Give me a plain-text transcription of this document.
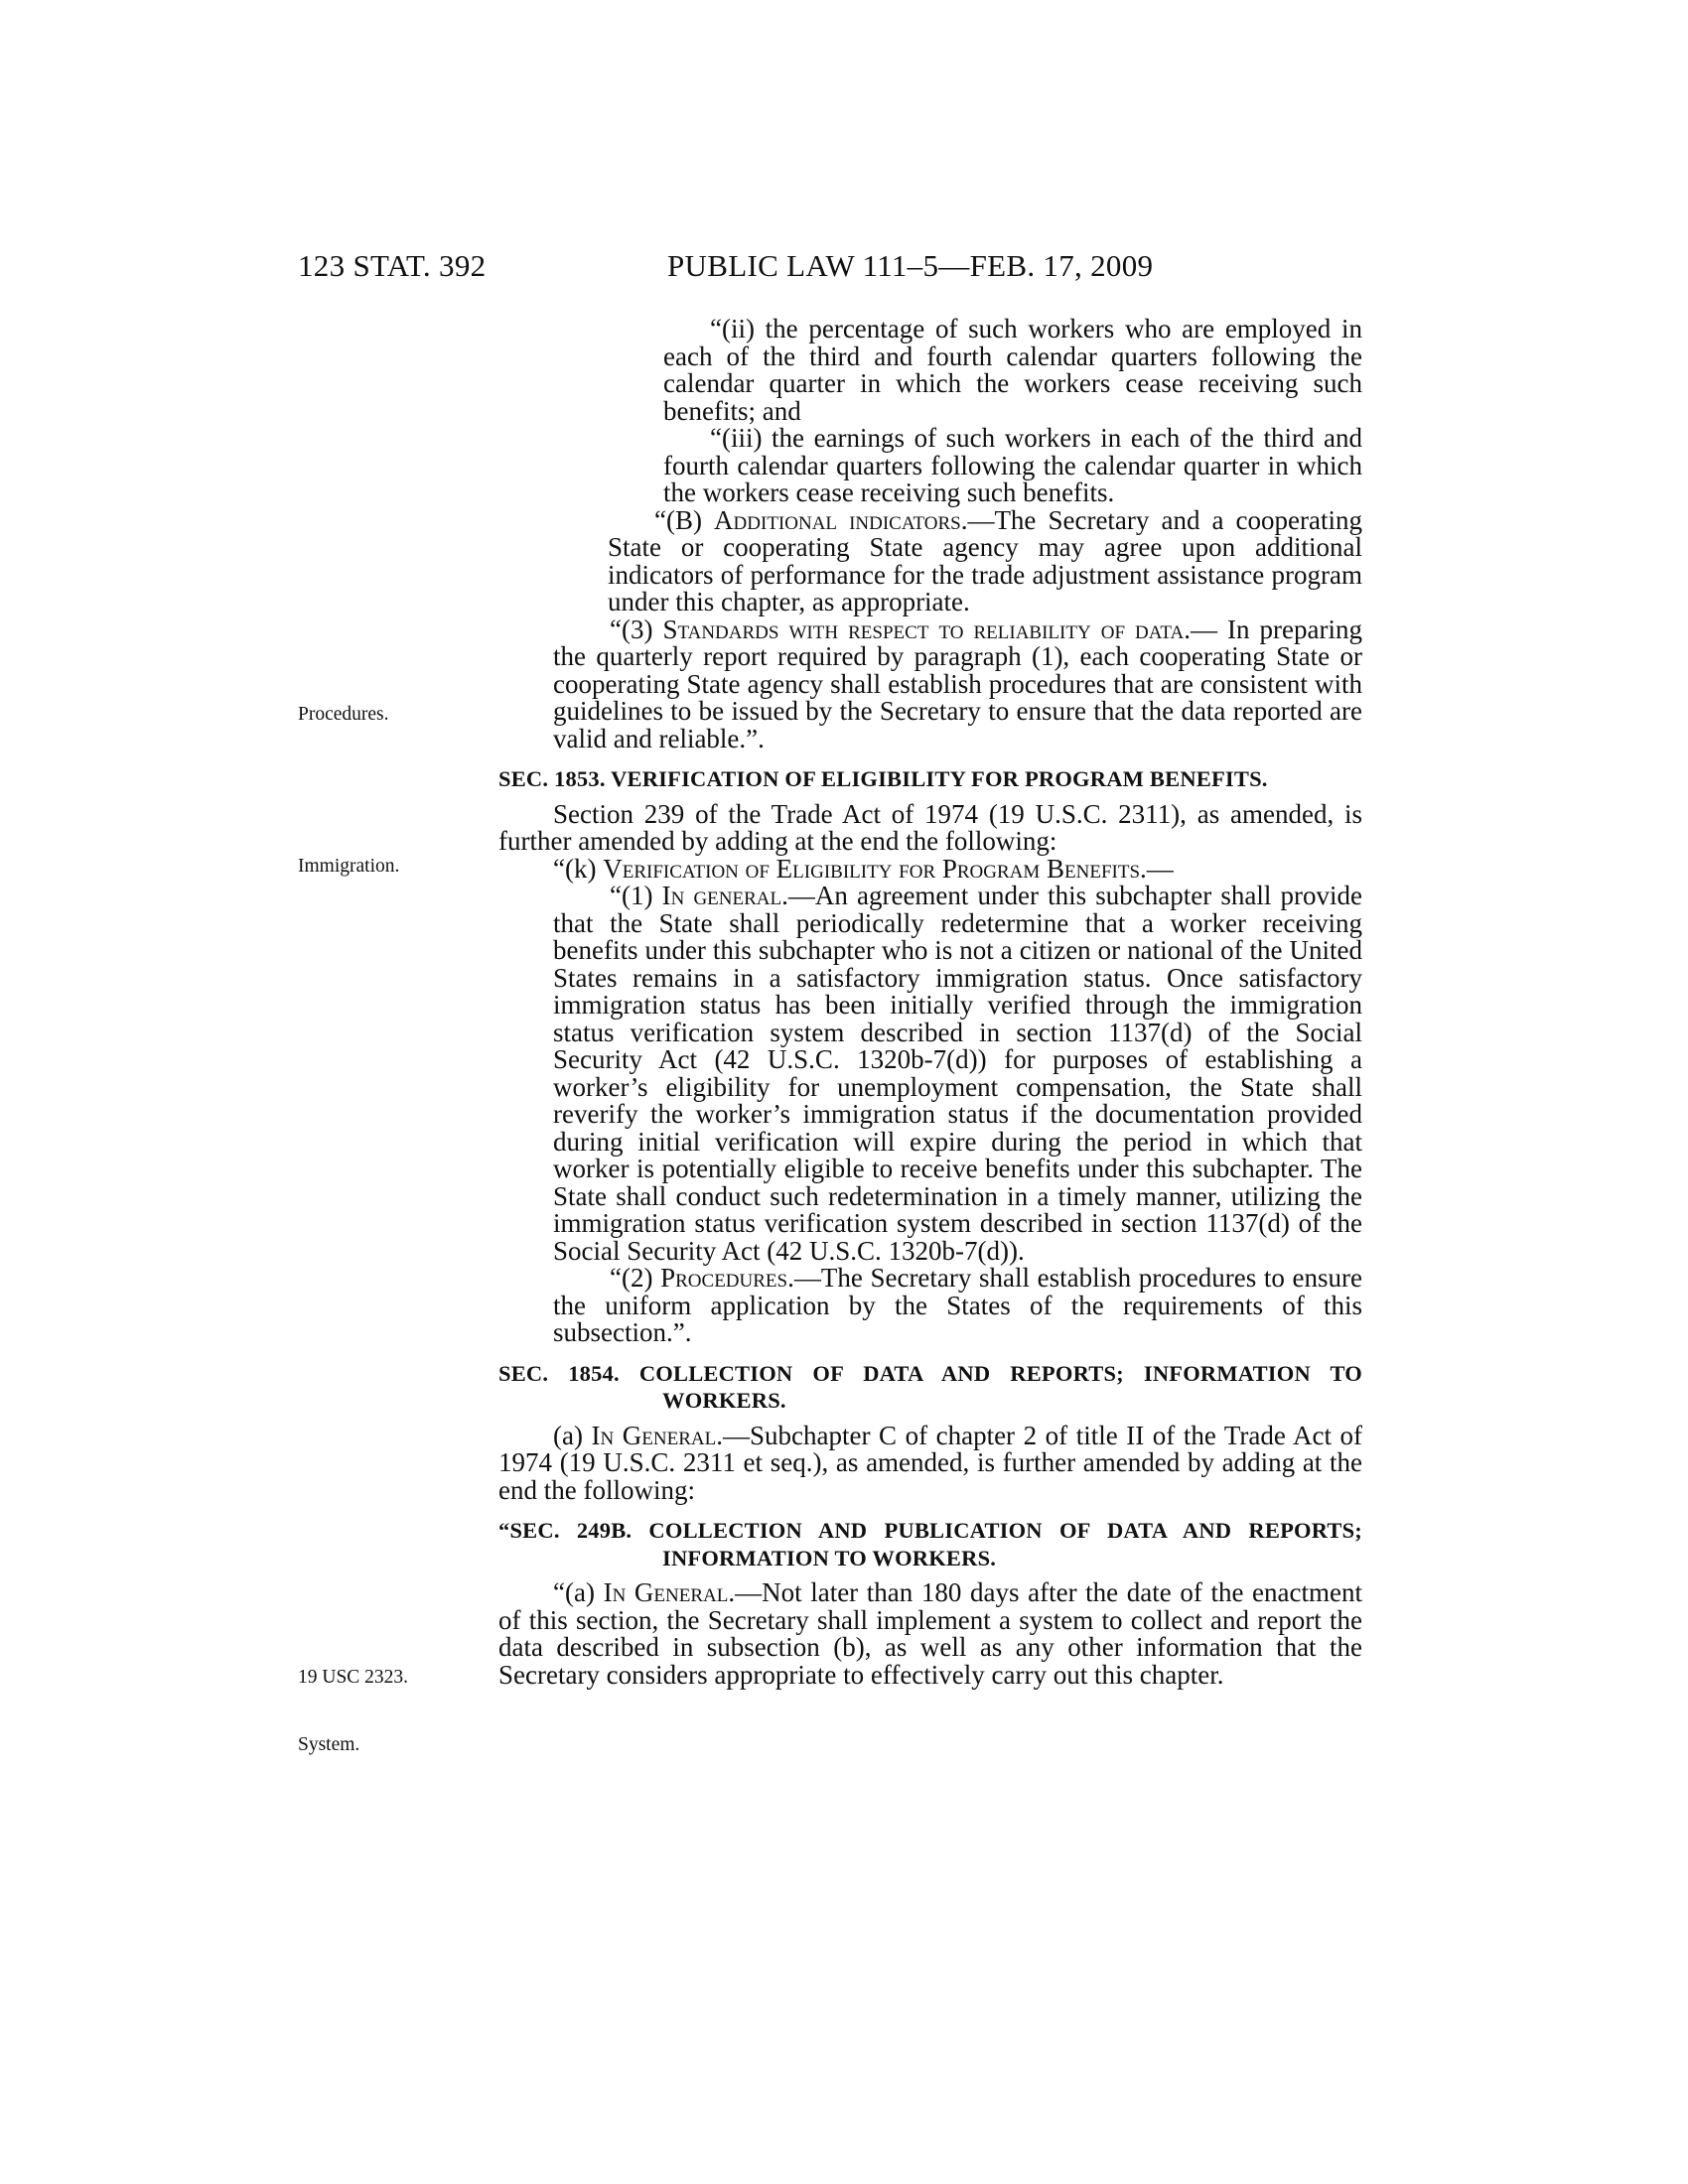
123 STAT. 392	PUBLIC LAW 111–5—FEB. 17, 2009
Procedures.
Immigration.
19 USC 2323.
System.

“(ii) the percentage of such workers who are employed in each of the third and fourth calendar quarters following the calendar quarter in which the workers cease receiving such benefits; and

“(iii) the earnings of such workers in each of the third and fourth calendar quarters following the calendar quarter in which the workers cease receiving such benefits.

“(B) Additional indicators.—The Secretary and a cooperating State or cooperating State agency may agree upon additional indicators of performance for the trade adjustment assistance program under this chapter, as appropriate.

“(3) Standards with respect to reliability of data.— In preparing the quarterly report required by paragraph (1), each cooperating State or cooperating State agency shall establish procedures that are consistent with guidelines to be issued by the Secretary to ensure that the data reported are valid and reliable.”.

SEC. 1853. VERIFICATION OF ELIGIBILITY FOR PROGRAM BENEFITS.

Section 239 of the Trade Act of 1974 (19 U.S.C. 2311), as amended, is further amended by adding at the end the following:

“(k) Verification of Eligibility for Program Benefits.—

“(1) In general.—An agreement under this subchapter shall provide that the State shall periodically redetermine that a worker receiving benefits under this subchapter who is not a citizen or national of the United States remains in a satisfactory immigration status. Once satisfactory immigration status has been initially verified through the immigration status verification system described in section 1137(d) of the Social Security Act (42 U.S.C. 1320b-7(d)) for purposes of establishing a worker’s eligibility for unemployment compensation, the State shall reverify the worker’s immigration status if the documentation provided during initial verification will expire during the period in which that worker is potentially eligible to receive benefits under this subchapter. The State shall conduct such redetermination in a timely manner, utilizing the immigration status verification system described in section 1137(d) of the Social Security Act (42 U.S.C. 1320b-7(d)).

“(2) Procedures.—The Secretary shall establish procedures to ensure the uniform application by the States of the requirements of this subsection.”.

SEC. 1854. COLLECTION OF DATA AND REPORTS; INFORMATION TO WORKERS.

(a) In General.—Subchapter C of chapter 2 of title II of the Trade Act of 1974 (19 U.S.C. 2311 et seq.), as amended, is further amended by adding at the end the following:

“SEC. 249B. COLLECTION AND PUBLICATION OF DATA AND REPORTS; INFORMATION TO WORKERS.

“(a) In General.—Not later than 180 days after the date of the enactment of this section, the Secretary shall implement a system to collect and report the data described in subsection (b), as well as any other information that the Secretary considers appropriate to effectively carry out this chapter.
